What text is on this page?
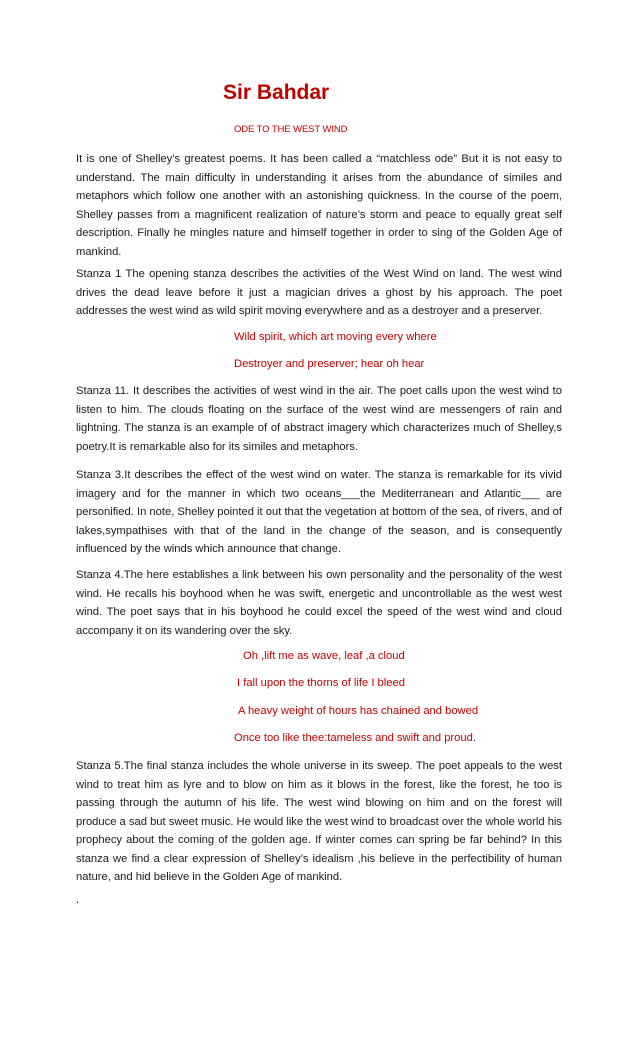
Sir Bahdar
ODE TO THE WEST WIND

It is one of Shelley’s greatest poems. It has been called a “matchless ode” But it is not easy to understand. The main difficulty in understanding it arises from the abundance of similes and metaphors which follow one another with an astonishing quickness. In the course of the poem, Shelley passes from a magnificent realization of nature’s storm and peace to equally great self description. Finally he mingles nature and himself together in order to sing of the Golden Age of mankind.

Stanza 1 The opening stanza describes the activities of the West Wind on land. The west wind drives the dead leave before it just a magician drives a ghost by his approach. The poet addresses the west wind as wild spirit moving everywhere and as a destroyer and a preserver.

Wild spirit, which art moving every where
Destroyer and preserver; hear oh hear

Stanza 11. It describes the activities of west wind in the air. The poet calls upon the west wind to listen to him. The clouds floating on the surface of the west wind are messengers of rain and lightning. The stanza is an example of of abstract imagery which characterizes much of Shelley,s poetry.It is remarkable also for its similes and metaphors.

Stanza 3.It describes the effect of the west wind on water. The stanza is remarkable for its vivid imagery and for the manner in which two oceans___the Mediterranean and Atlantic___ are personified. In note, Shelley pointed it out that the vegetation at bottom of the sea, of rivers, and of lakes,sympathises with that of the land in the change of the season, and is consequently influenced by the winds which announce that change.

Stanza 4.The here establishes a link between his own personality and the personality of the west wind. He recalls his boyhood when he was swift, energetic and uncontrollable as the west west wind. The poet says that in his boyhood he could excel the speed of the west wind and cloud accompany it on its wandering over the sky.

Oh ,lift me as wave, leaf ,a cloud
I fall upon the thorns of life I bleed
A heavy weight of hours has chained and bowed
Once too like thee:tameless and swift and proud.

Stanza 5.The final stanza includes the whole universe in its sweep. The poet appeals to the west wind to treat him as lyre and to blow on him as it blows in the forest, like the forest, he too is passing through the autumn of his life. The west wind blowing on him and on the forest will produce a sad but sweet music. He would like the west wind to broadcast over the whole world his prophecy about the coming of the golden age. If winter comes can spring be far behind? In this stanza we find a clear expression of Shelley’s idealism ,his believe in the perfectibility of human nature, and hid believe in the Golden Age of mankind.

.
